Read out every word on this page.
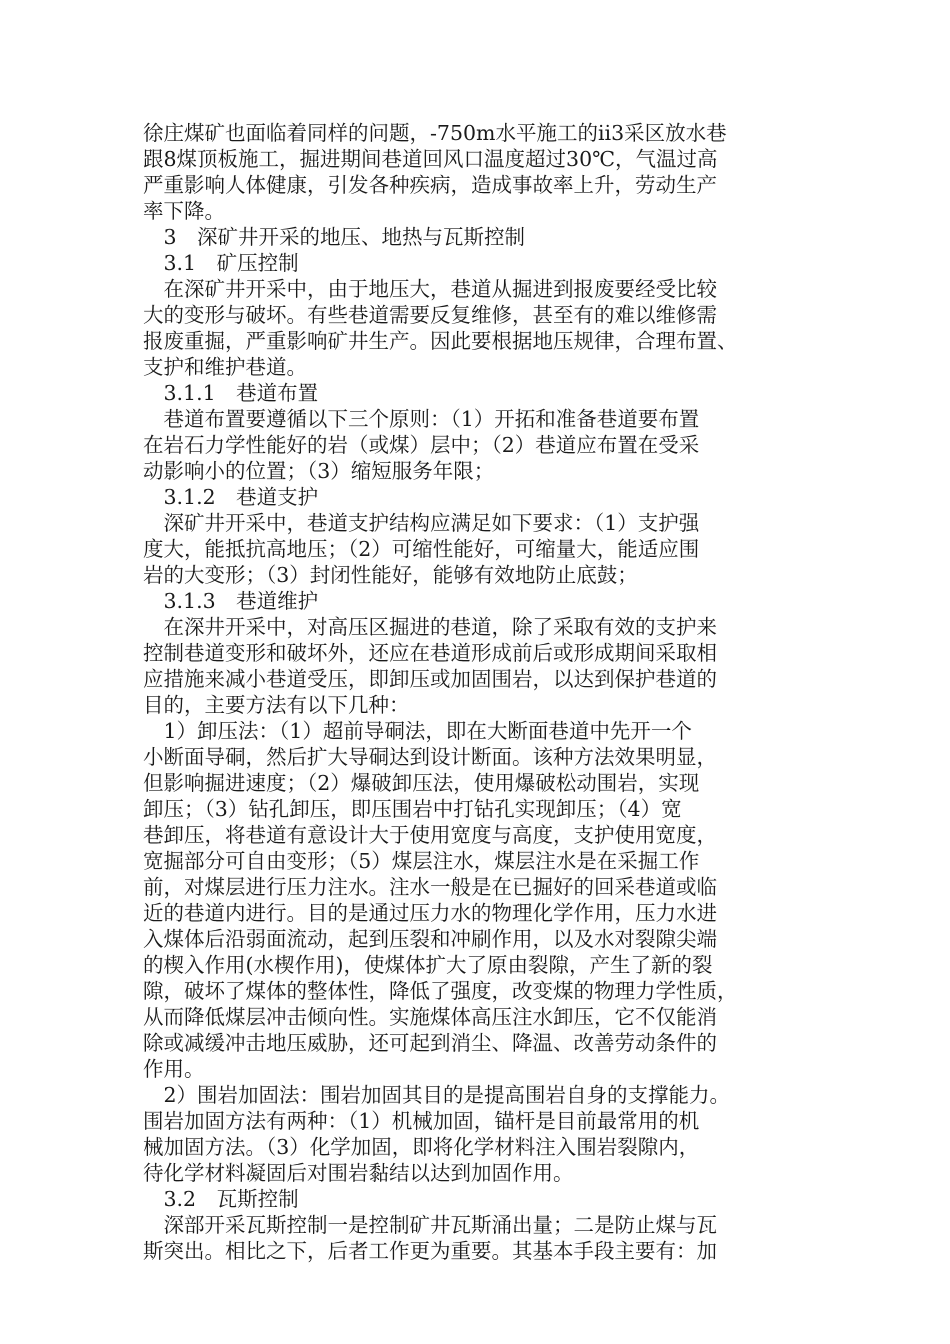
徐庄煤矿也面临着同样的问题，-750m水平施工的ⅱ3采区放水巷
跟8煤顶板施工，掘进期间巷道回风口温度超过30℃，气温过高
严重影响人体健康，引发各种疾病，造成事故率上升，劳动生产
率下降。
　3　深矿井开采的地压、地热与瓦斯控制
　3.1　矿压控制
　在深矿井开采中，由于地压大，巷道从掘进到报废要经受比较
大的变形与破坏。有些巷道需要反复维修，甚至有的难以维修需
报废重掘，严重影响矿井生产。因此要根据地压规律，合理布置、
支护和维护巷道。
　3.1.1　巷道布置
　巷道布置要遵循以下三个原则：（1）开拓和准备巷道要布置
在岩石力学性能好的岩（或煤）层中；（2）巷道应布置在受采
动影响小的位置；（3）缩短服务年限；
　3.1.2　巷道支护
　深矿井开采中，巷道支护结构应满足如下要求：（1）支护强
度大，能抵抗高地压；（2）可缩性能好，可缩量大，能适应围
岩的大变形；（3）封闭性能好，能够有效地防止底鼓；
　3.1.3　巷道维护
　在深井开采中，对高压区掘进的巷道，除了采取有效的支护来
控制巷道变形和破坏外，还应在巷道形成前后或形成期间采取相
应措施来减小巷道受压，即卸压或加固围岩，以达到保护巷道的
目的，主要方法有以下几种：
　1）卸压法：（1）超前导硐法，即在大断面巷道中先开一个
小断面导硐，然后扩大导硐达到设计断面。该种方法效果明显，
但影响掘进速度；（2）爆破卸压法，使用爆破松动围岩，实现
卸压；（3）钻孔卸压，即压围岩中打钻孔实现卸压；（4）宽
巷卸压，将巷道有意设计大于使用宽度与高度，支护使用宽度，
宽掘部分可自由变形；（5）煤层注水，煤层注水是在采掘工作
前，对煤层进行压力注水。注水一般是在已掘好的回采巷道或临
近的巷道内进行。目的是通过压力水的物理化学作用，压力水进
入煤体后沿弱面流动，起到压裂和冲刷作用，以及水对裂隙尖端
的楔入作用(水楔作用)，使煤体扩大了原由裂隙，产生了新的裂
隙，破坏了煤体的整体性，降低了强度，改变煤的物理力学性质，
从而降低煤层冲击倾向性。实施煤体高压注水卸压，它不仅能消
除或减缓冲击地压威胁，还可起到消尘、降温、改善劳动条件的
作用。
　2）围岩加固法：围岩加固其目的是提高围岩自身的支撑能力。
围岩加固方法有两种：（1）机械加固，锚杆是目前最常用的机
械加固方法。（3）化学加固，即将化学材料注入围岩裂隙内，
待化学材料凝固后对围岩黏结以达到加固作用。
　3.2　瓦斯控制
　深部开采瓦斯控制一是控制矿井瓦斯涌出量；二是防止煤与瓦
斯突出。相比之下，后者工作更为重要。其基本手段主要有：加
